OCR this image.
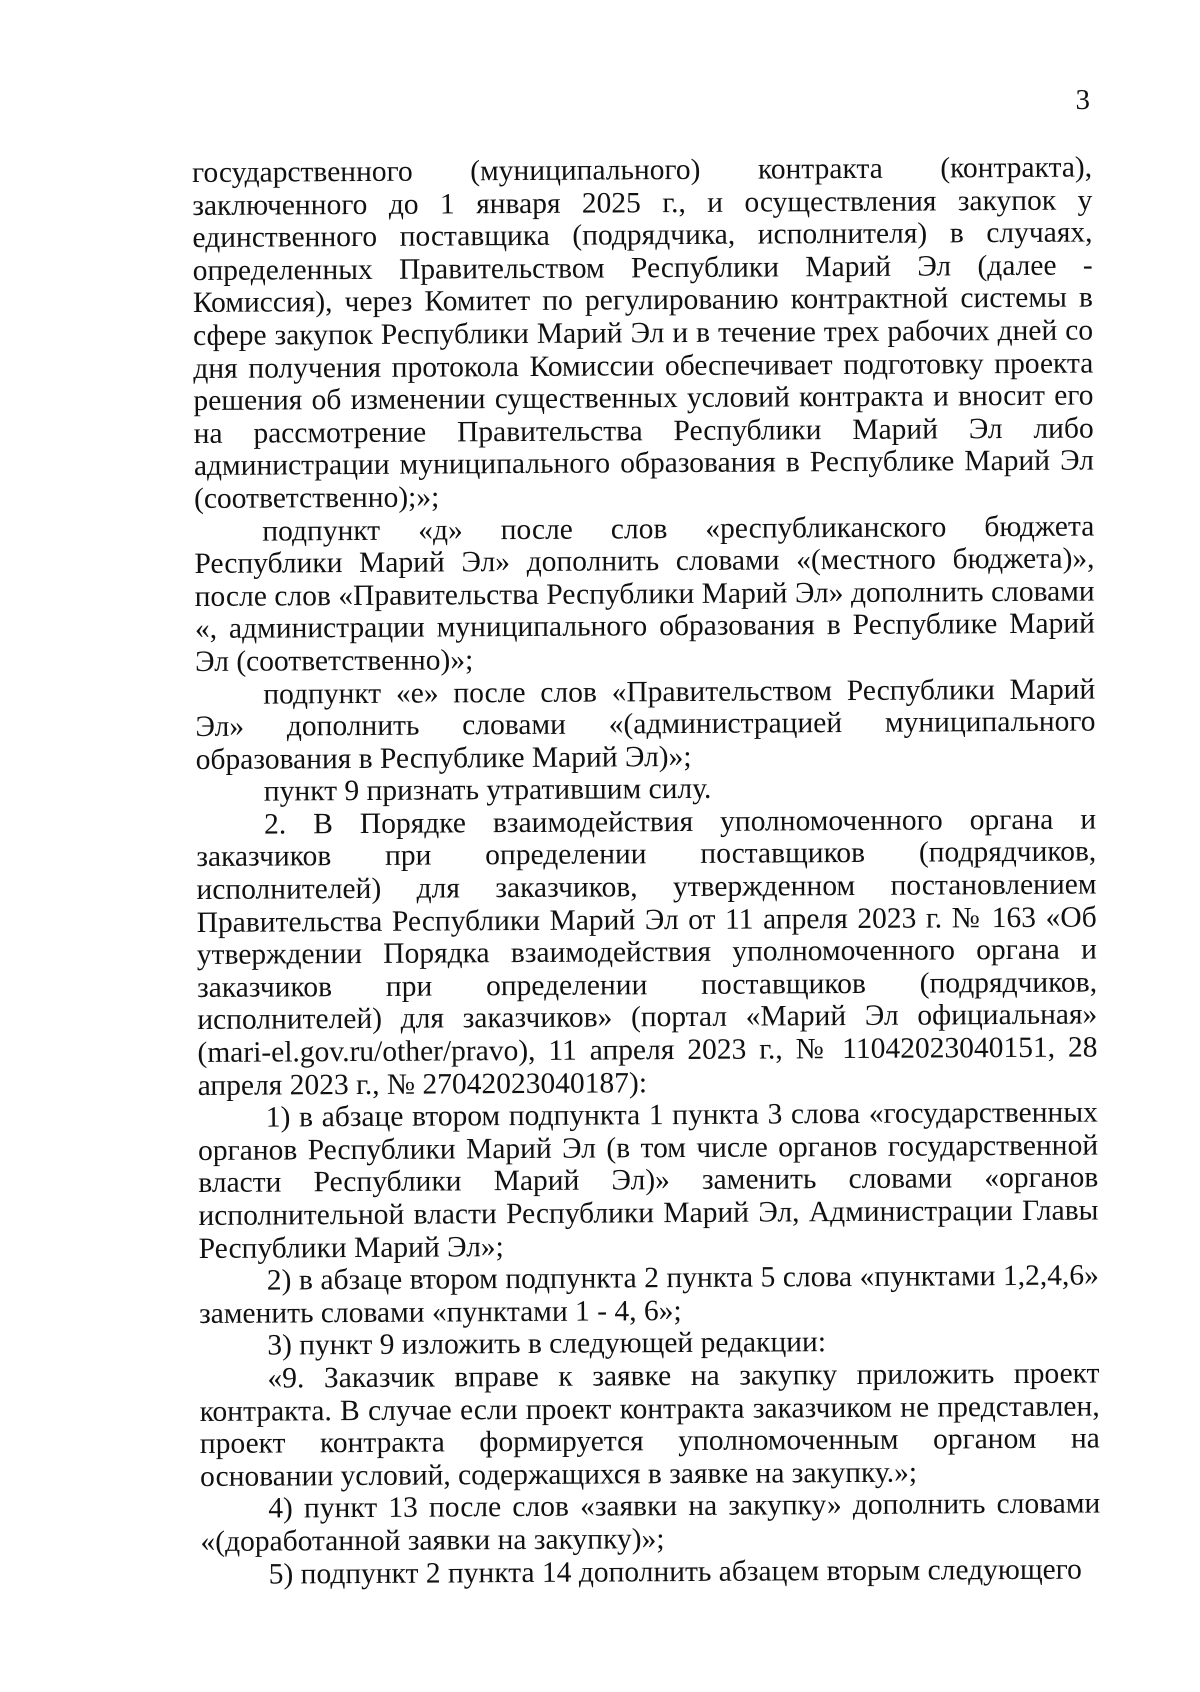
3

государственного (муниципального) контракта (контракта), заключенного до 1 января 2025 г., и осуществления закупок у единственного поставщика (подрядчика, исполнителя) в случаях, определенных Правительством Республики Марий Эл (далее - Комиссия), через Комитет по регулированию контрактной системы в сфере закупок Республики Марий Эл и в течение трех рабочих дней со дня получения протокола Комиссии обеспечивает подготовку проекта решения об изменении существенных условий контракта и вносит его на рассмотрение Правительства Республики Марий Эл либо администрации муниципального образования в Республике Марий Эл (соответственно);»;

подпункт «д» после слов «республиканского бюджета Республики Марий Эл» дополнить словами «(местного бюджета)», после слов «Правительства Республики Марий Эл» дополнить словами «, администрации муниципального образования в Республике Марий Эл (соответственно)»;

подпункт «е» после слов «Правительством Республики Марий Эл» дополнить словами «(администрацией муниципального образования в Республике Марий Эл)»;

пункт 9 признать утратившим силу.

2. В Порядке взаимодействия уполномоченного органа и заказчиков при определении поставщиков (подрядчиков, исполнителей) для заказчиков, утвержденном постановлением Правительства Республики Марий Эл от 11 апреля 2023 г. № 163 «Об утверждении Порядка взаимодействия уполномоченного органа и заказчиков при определении поставщиков (подрядчиков, исполнителей) для заказчиков» (портал «Марий Эл официальная» (mari-el.gov.ru/other/pravo), 11 апреля 2023 г., № 11042023040151, 28 апреля 2023 г., № 27042023040187):

1) в абзаце втором подпункта 1 пункта 3 слова «государственных органов Республики Марий Эл (в том числе органов государственной власти Республики Марий Эл)» заменить словами «органов исполнительной власти Республики Марий Эл, Администрации Главы Республики Марий Эл»;

2) в абзаце втором подпункта 2 пункта 5 слова «пунктами 1,2,4,6» заменить словами «пунктами 1 - 4, 6»;

3) пункт 9 изложить в следующей редакции:

«9. Заказчик вправе к заявке на закупку приложить проект контракта. В случае если проект контракта заказчиком не представлен, проект контракта формируется уполномоченным органом на основании условий, содержащихся в заявке на закупку.»;

4) пункт 13 после слов «заявки на закупку» дополнить словами «(доработанной заявки на закупку)»;

5) подпункт 2 пункта 14 дополнить абзацем вторым следующего
